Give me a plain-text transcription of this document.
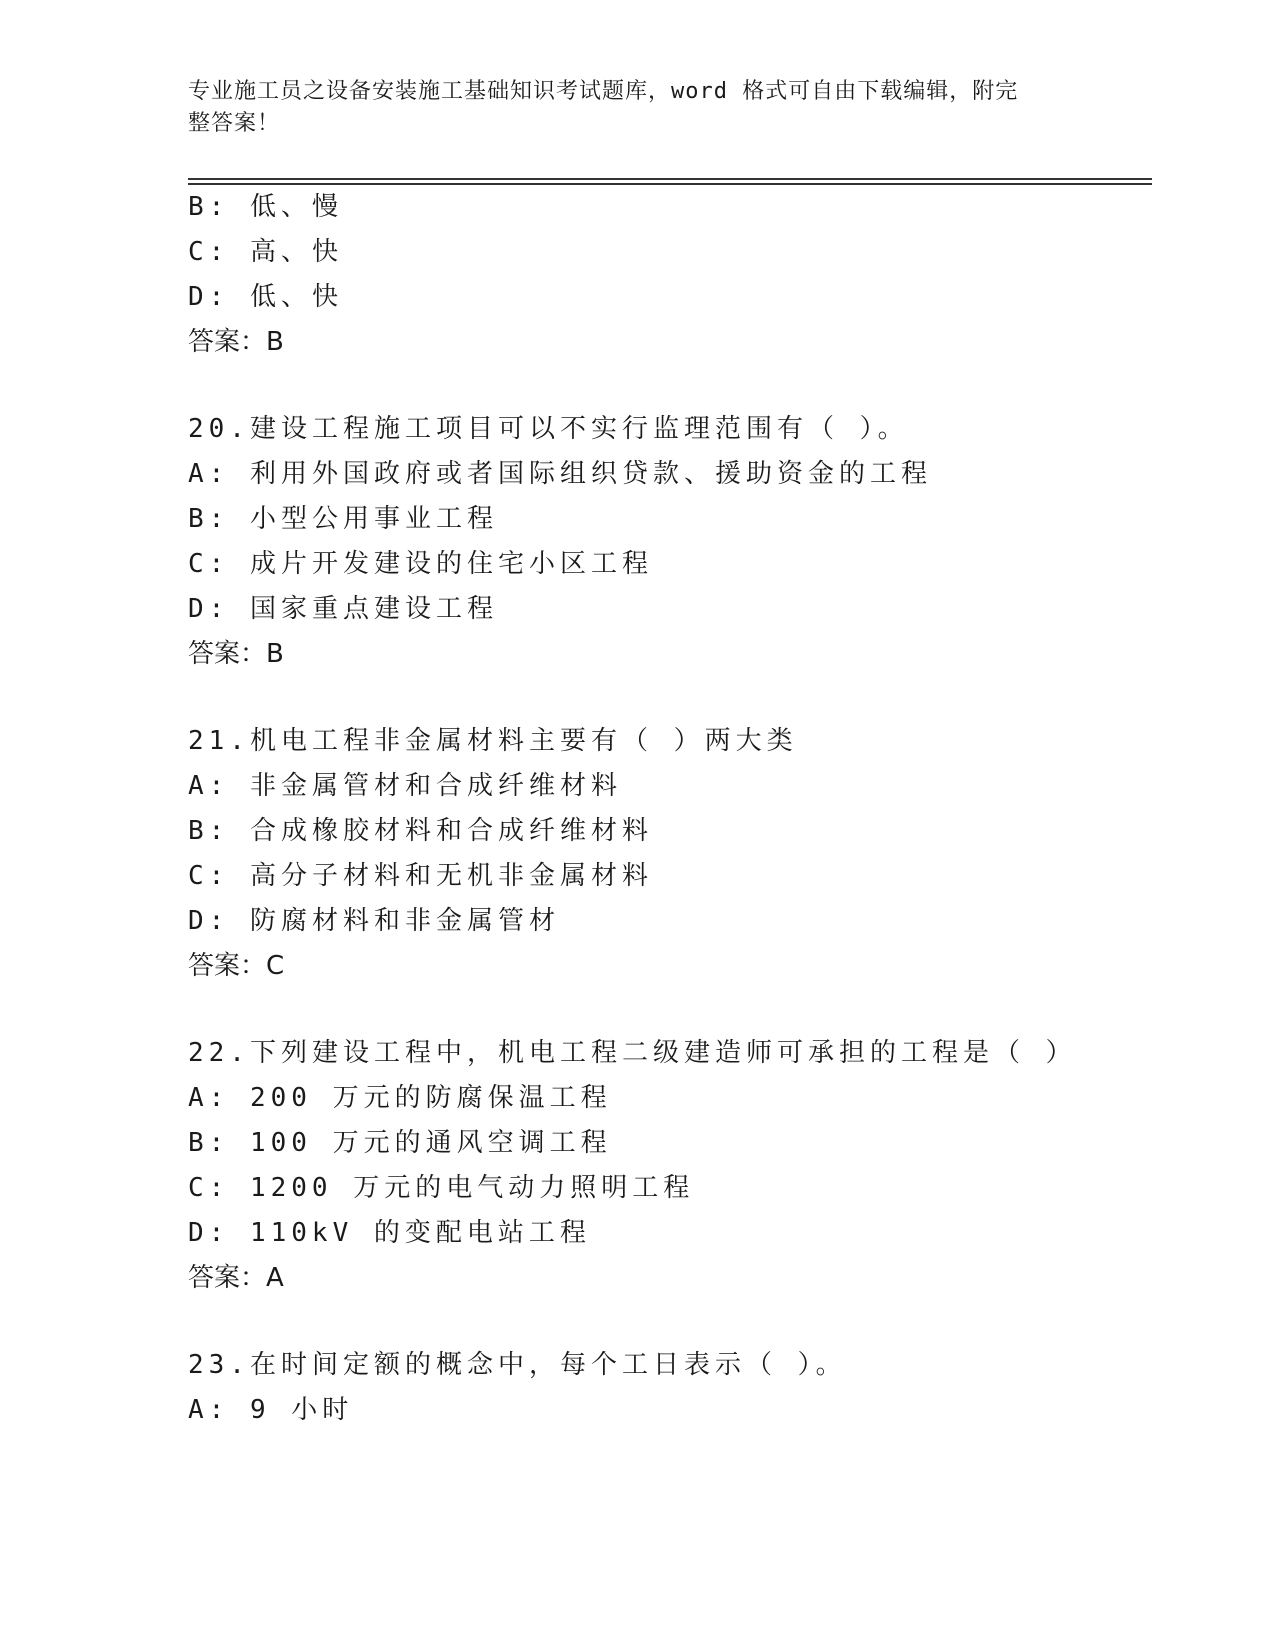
专业施工员之设备安装施工基础知识考试题库，word 格式可自由下载编辑，附完
整答案！
B: 低、慢
C: 高、快
D: 低、快
答案：B
20.建设工程施工项目可以不实行监理范围有（ ）。
A: 利用外国政府或者国际组织贷款、援助资金的工程
B: 小型公用事业工程
C: 成片开发建设的住宅小区工程
D: 国家重点建设工程
答案：B
21.机电工程非金属材料主要有（ ）两大类
A: 非金属管材和合成纤维材料
B: 合成橡胶材料和合成纤维材料
C: 高分子材料和无机非金属材料
D: 防腐材料和非金属管材
答案：C
22.下列建设工程中，机电工程二级建造师可承担的工程是（ ）
A: 200 万元的防腐保温工程
B: 100 万元的通风空调工程
C: 1200 万元的电气动力照明工程
D: 110kV 的变配电站工程
答案：A
23.在时间定额的概念中，每个工日表示（ ）。
A: 9 小时
